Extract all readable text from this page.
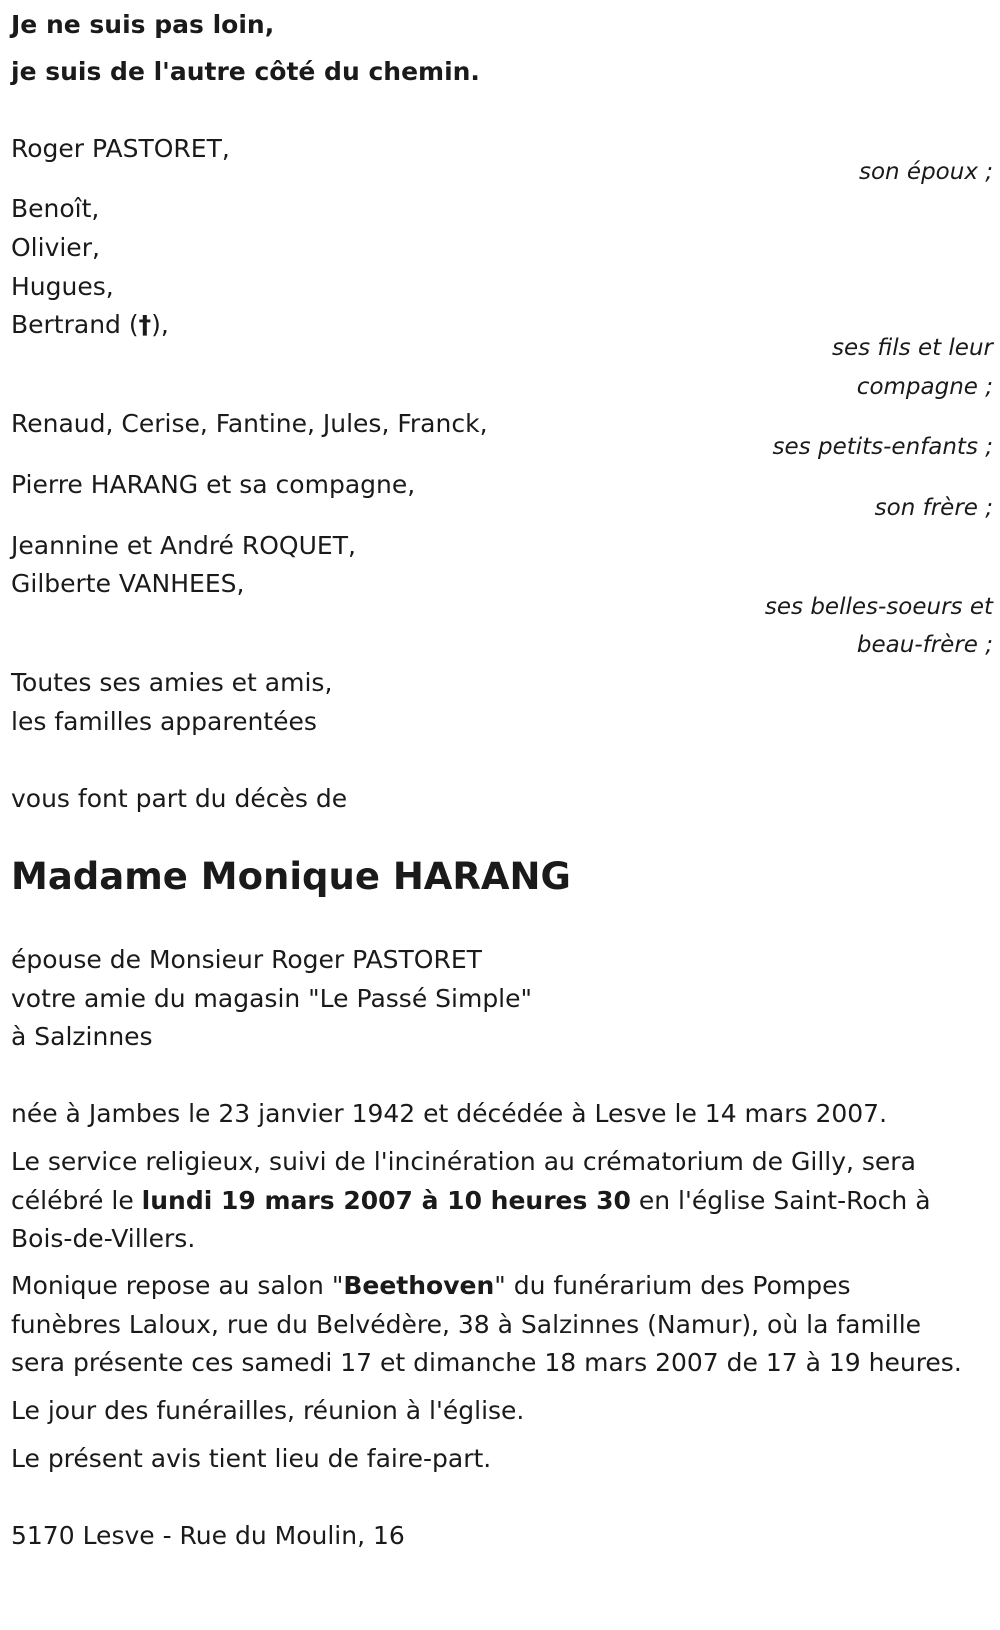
Je ne suis pas loin,
je suis de l'autre côté du chemin.
Roger PASTORET,
son époux ;
Benoît,
Olivier,
Hugues,
Bertrand (†),
ses fils et leur
compagne ;
Renaud, Cerise, Fantine, Jules, Franck,
ses petits-enfants ;
Pierre HARANG et sa compagne,
son frère ;
Jeannine et André ROQUET,
Gilberte VANHEES,
ses belles-soeurs et
beau-frère ;
Toutes ses amies et amis,
les familles apparentées
vous font part du décès de
Madame Monique HARANG
épouse de Monsieur Roger PASTORET
votre amie du magasin "Le Passé Simple"
à Salzinnes
née à Jambes le 23 janvier 1942 et décédée à Lesve le 14 mars 2007.
Le service religieux, suivi de l'incinération au crématorium de Gilly, sera
célébré le lundi 19 mars 2007 à 10 heures 30 en l'église Saint-Roch à
Bois-de-Villers.
Monique repose au salon "Beethoven" du funérarium des Pompes
funèbres Laloux, rue du Belvédère, 38 à Salzinnes (Namur), où la famille
sera présente ces samedi 17 et dimanche 18 mars 2007 de 17 à 19 heures.
Le jour des funérailles, réunion à l'église.
Le présent avis tient lieu de faire-part.
5170 Lesve - Rue du Moulin, 16
